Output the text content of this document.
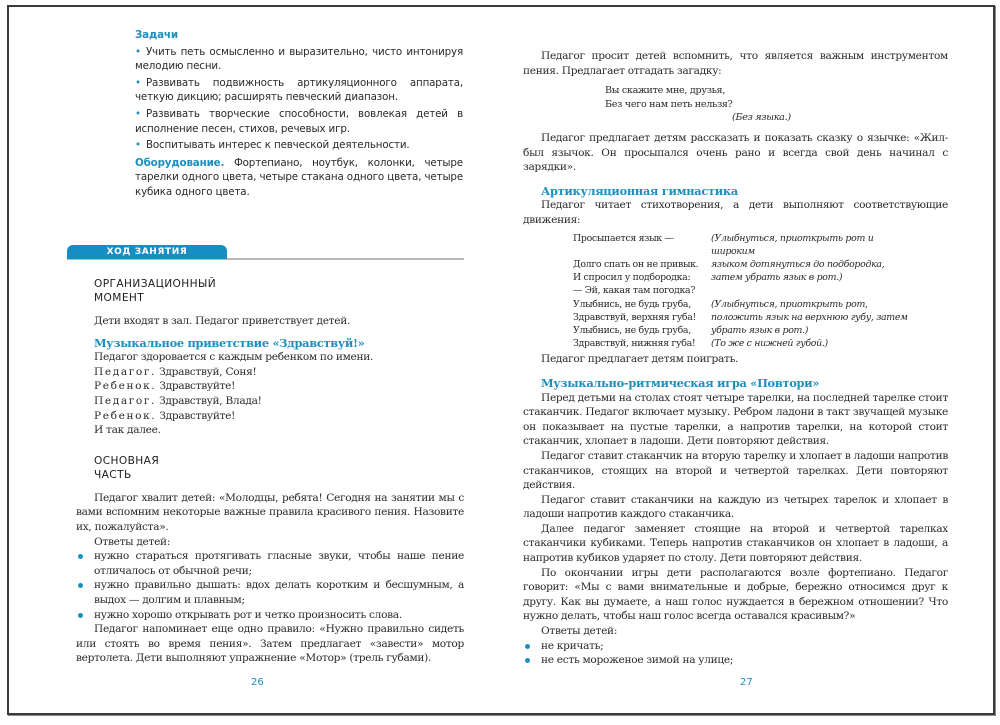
Задачи
• Учить петь осмысленно и выразительно, чисто интонируя мелодию песни.
• Развивать подвижность артикуляционного аппарата, четкую дикцию; расширять певческий диапазон.
• Развивать творческие способности, вовлекая детей в исполнение песен, стихов, речевых игр.
• Воспитывать интерес к певческой деятельности.
Оборудование. Фортепиано, ноутбук, колонки, четыре тарелки одного цвета, четыре стакана одного цвета, четыре кубика одного цвета.
ХОД ЗАНЯТИЯ
ОРГАНИЗАЦИОННЫЙ
МОМЕНТ
Дети входят в зал. Педагог приветствует детей.
Музыкальное приветствие «Здравствуй!»
Педагог здоровается с каждым ребенком по имени.
Педагог. Здравствуй, Соня!
Ребенок. Здравствуйте!
Педагог. Здравствуй, Влада!
Ребенок. Здравствуйте!
И так далее.
ОСНОВНАЯ
ЧАСТЬ
Педагог хвалит детей: «Молодцы, ребята! Сегодня на занятии мы с вами вспомним некоторые важные правила красивого пения. Назовите их, пожалуйста».
Ответы детей:
нужно стараться протягивать гласные звуки, чтобы наше пение отличалось от обычной речи;
нужно правильно дышать: вдох делать коротким и бесшумным, а выдох — долгим и плавным;
нужно хорошо открывать рот и четко произносить слова.
Педагог напоминает еще одно правило: «Нужно правильно сидеть или стоять во время пения». Затем предлагает «завести» мотор вертолета. Дети выполняют упражнение «Мотор» (трель губами).
26
Педагог просит детей вспомнить, что является важным инструментом пения. Предлагает отгадать загадку:
Вы скажите мне, друзья,
Без чего нам петь нельзя?
(Без языка.)
Педагог предлагает детям рассказать и показать сказку о язычке: «Жил-был язычок. Он просыпался очень рано и всегда свой день начинал с зарядки».
Артикуляционная гимнастика
Педагог читает стихотворения, а дети выполняют соответствующие движения:
Просыпается язык —	(Улыбнуться, приоткрыть рот и широким
Долго спать он не привык.	языком дотянуться до подбородка,
И спросил у подбородка:	затем убрать язык в рот.)
— Эй, какая там погодка?
Улыбнись, не будь груба,	(Улыбнуться, приоткрыть рот,
Здравствуй, верхняя губа!	положить язык на верхнюю губу, затем
Улыбнись, не будь груба,	убрать язык в рот.)
Здравствуй, нижняя губа!	(То же с нижней губой.)
Педагог предлагает детям поиграть.
Музыкально-ритмическая игра «Повтори»
Перед детьми на столах стоят четыре тарелки, на последней тарелке стоит стаканчик. Педагог включает музыку. Ребром ладони в такт звучащей музыке он показывает на пустые тарелки, а напротив тарелки, на которой стоит стаканчик, хлопает в ладоши. Дети повторяют действия.
Педагог ставит стаканчик на вторую тарелку и хлопает в ладоши напротив стаканчиков, стоящих на второй и четвертой тарелках. Дети повторяют действия.
Педагог ставит стаканчики на каждую из четырех тарелок и хлопает в ладоши напротив каждого стаканчика.
Далее педагог заменяет стоящие на второй и четвертой тарелках стаканчики кубиками. Теперь напротив стаканчиков он хлопает в ладоши, а напротив кубиков ударяет по столу. Дети повторяют действия.
По окончании игры дети располагаются возле фортепиано. Педагог говорит: «Мы с вами внимательные и добрые, бережно относимся друг к другу. Как вы думаете, а наш голос нуждается в бережном отношении? Что нужно делать, чтобы наш голос всегда оставался красивым?»
Ответы детей:
не кричать;
не есть мороженое зимой на улице;
27
